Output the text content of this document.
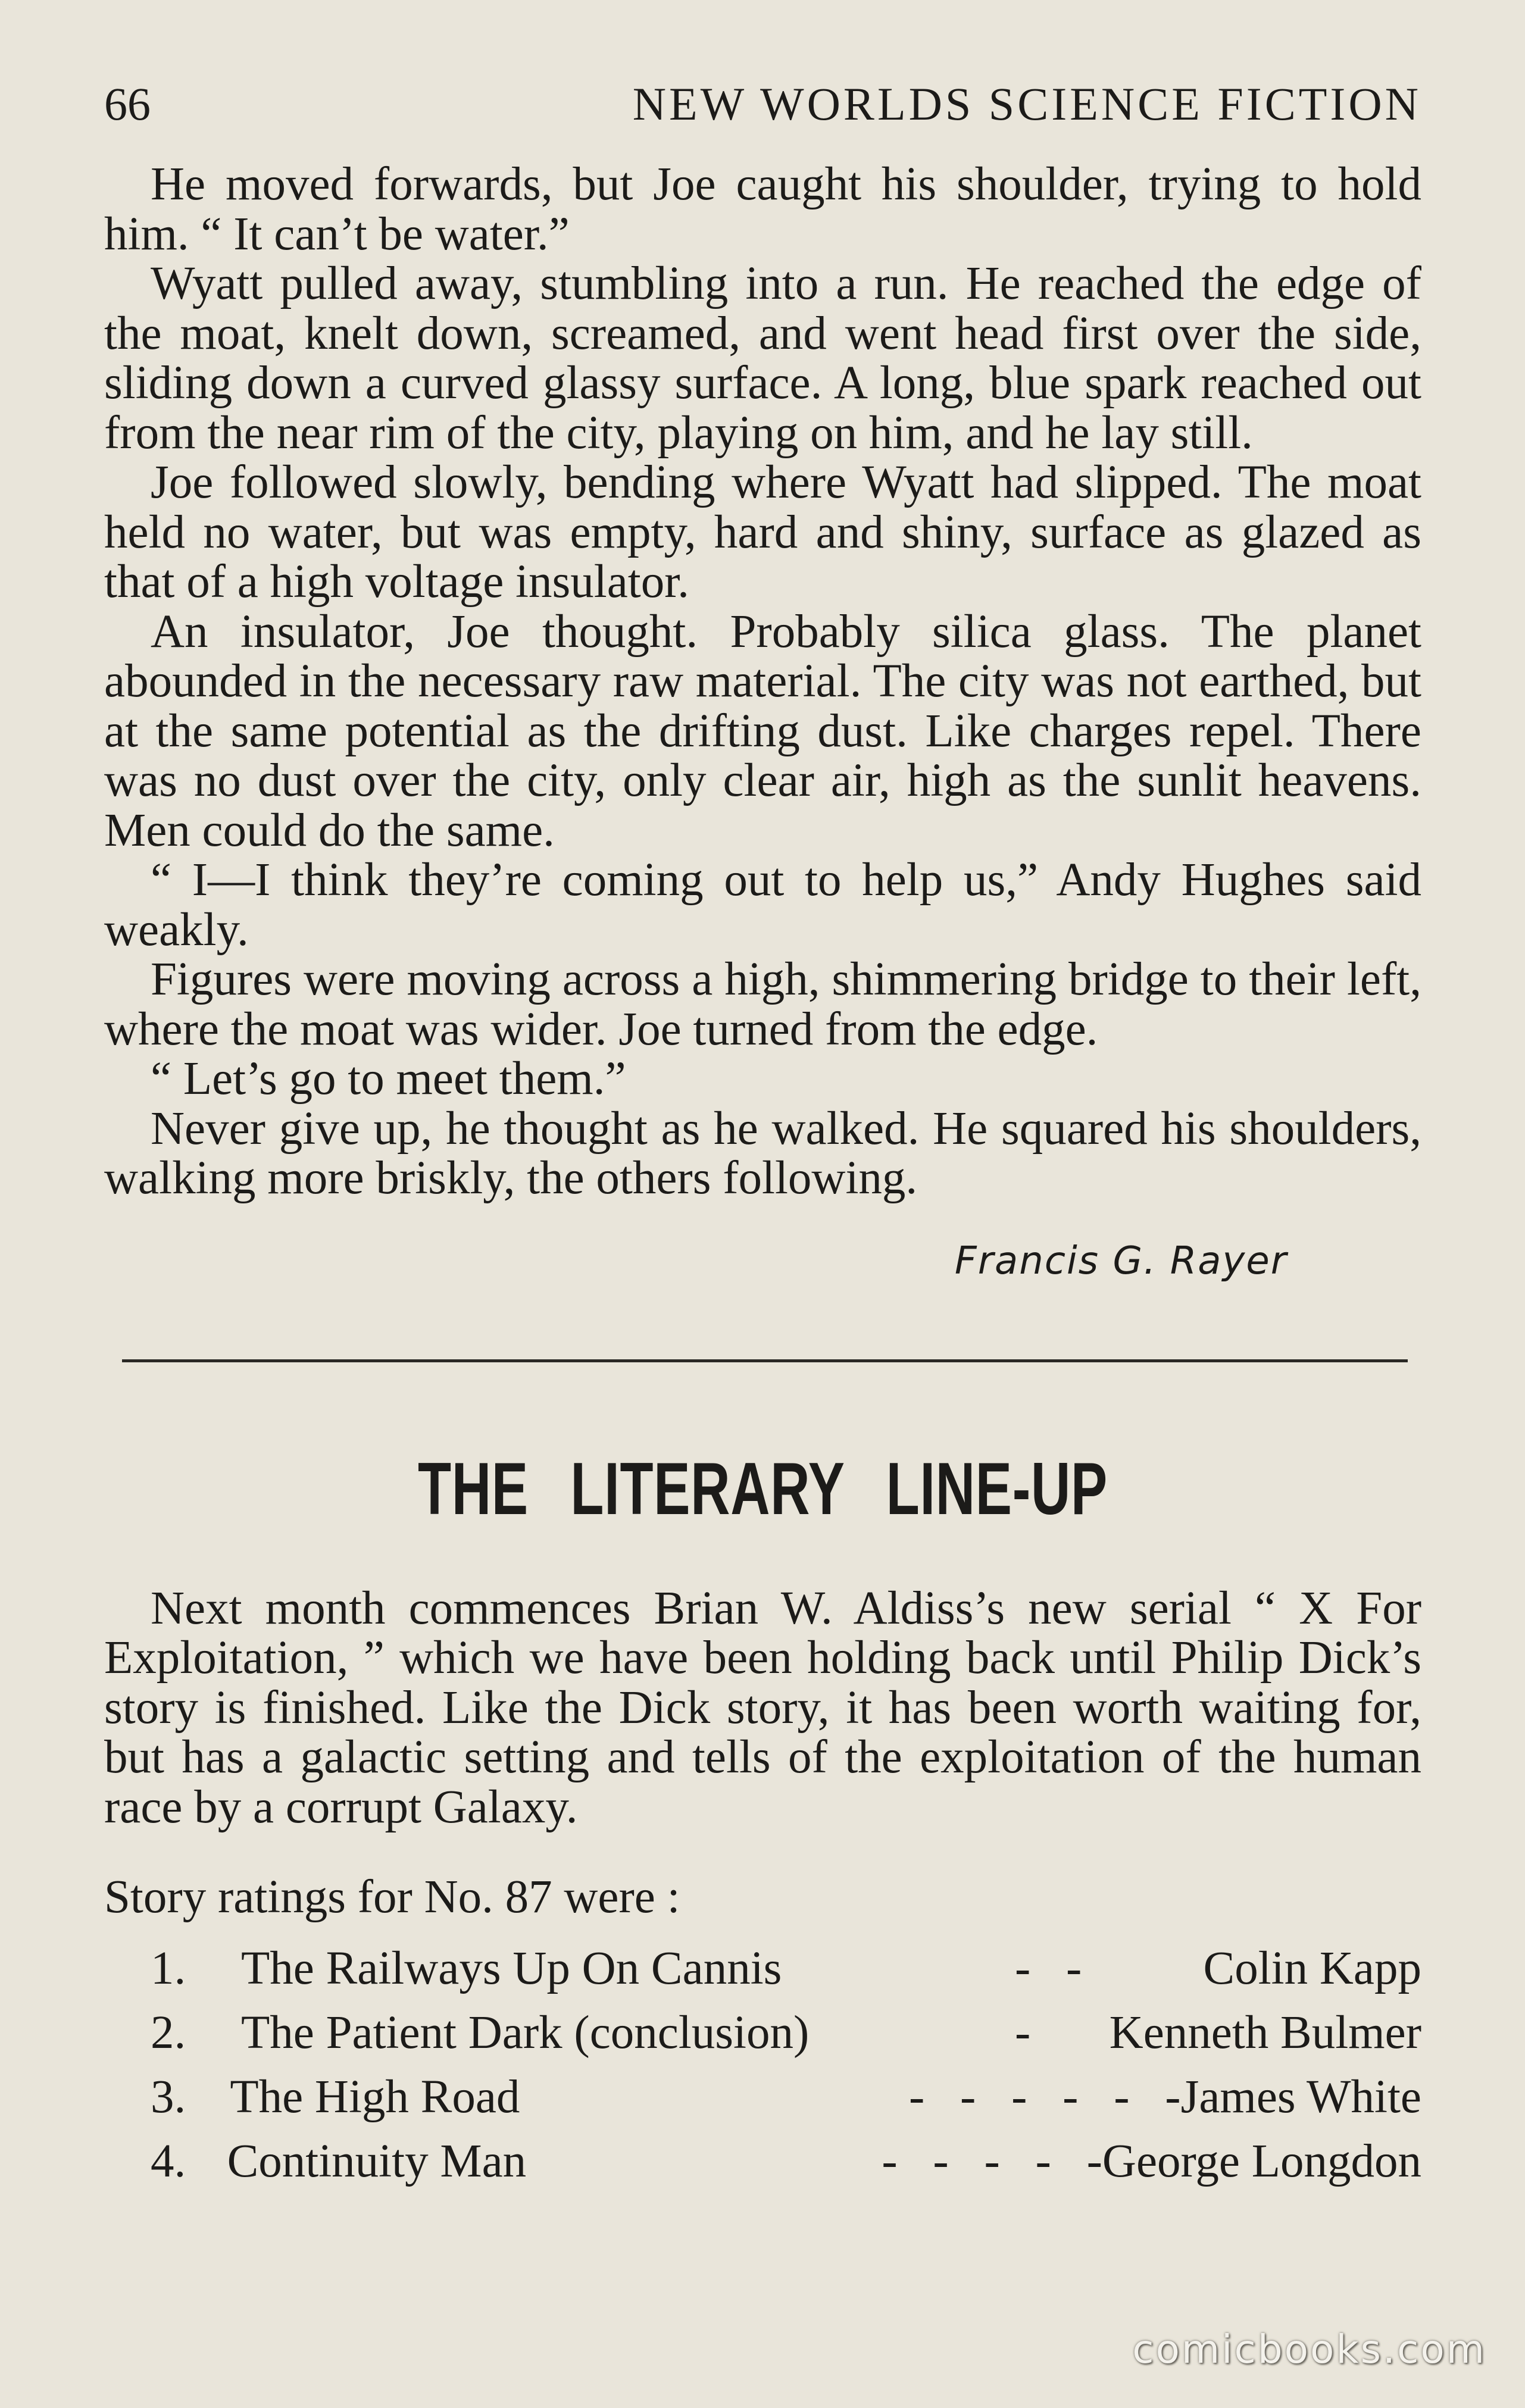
66	NEW WORLDS SCIENCE FICTION

He moved forwards, but Joe caught his shoulder, trying to hold him. “ It can’t be water.”

Wyatt pulled away, stumbling into a run. He reached the edge of the moat, knelt down, screamed, and went head first over the side, sliding down a curved glassy surface. A long, blue spark reached out from the near rim of the city, playing on him, and he lay still.

Joe followed slowly, bending where Wyatt had slipped. The moat held no water, but was empty, hard and shiny, surface as glazed as that of a high voltage insulator.

An insulator, Joe thought. Probably silica glass. The planet abounded in the necessary raw material. The city was not earthed, but at the same potential as the drifting dust. Like charges repel. There was no dust over the city, only clear air, high as the sunlit heavens. Men could do the same.

“ I—I think they’re coming out to help us,” Andy Hughes said weakly.

Figures were moving across a high, shimmering bridge to their left, where the moat was wider. Joe turned from the edge.

“ Let’s go to meet them.”

Never give up, he thought as he walked. He squared his shoulders, walking more briskly, the others following.

Francis G. Rayer
THE LITERARY LINE-UP

Next month commences Brian W. Aldiss’s new serial “ X For Exploitation, ” which we have been holding back until Philip Dick’s story is finished. Like the Dick story, it has been worth waiting for, but has a galactic setting and tells of the exploitation of the human race by a corrupt Galaxy.

Story ratings for No. 87 were :
1.	The Railways Up On Cannis	- -	Colin Kapp
2.	The Patient Dark (conclusion)	-	Kenneth Bulmer
3. The High Road	- - - - - - James White
4. Continuity Man	- - - - - George Longdon
comicbooks.com
